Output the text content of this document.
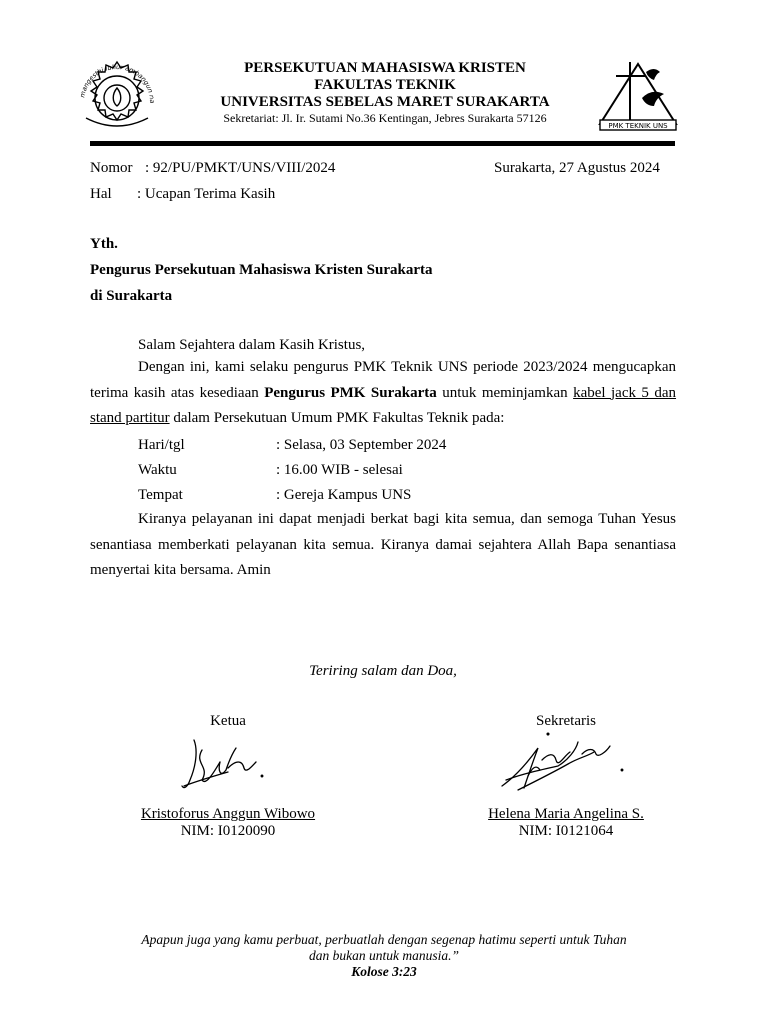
mangesthi luhur ambangun na
PERSEKUTUAN MAHASISWA KRISTEN
FAKULTAS TEKNIK
UNIVERSITAS SEBELAS MARET SURAKARTA
Sekretariat: Jl. Ir. Sutami No.36 Kentingan, Jebres Surakarta 57126
PMK TEKNIK UNS
Nomor : 92/PU/PMKT/UNS/VIII/2024	Surakarta, 27 Agustus 2024
Hal : Ucapan Terima Kasih
Yth.
Pengurus Persekutuan Mahasiswa Kristen Surakarta
di Surakarta
Salam Sejahtera dalam Kasih Kristus,
Dengan ini, kami selaku pengurus PMK Teknik UNS periode 2023/2024 mengucapkan terima kasih atas kesediaan Pengurus PMK Surakarta untuk meminjamkan kabel jack 5 dan stand partitur dalam Persekutuan Umum PMK Fakultas Teknik pada:
Hari/tgl	: Selasa, 03 September 2024
Waktu	: 16.00 WIB - selesai
Tempat	: Gereja Kampus UNS
Kiranya pelayanan ini dapat menjadi berkat bagi kita semua, dan semoga Tuhan Yesus senantiasa memberkati pelayanan kita semua. Kiranya damai sejahtera Allah Bapa senantiasa menyertai kita bersama. Amin
Teriring salam dan Doa,
Ketua
Kristoforus Anggun Wibowo
NIM: I0120090
Sekretaris
Helena Maria Angelina S.
NIM: I0121064
Apapun juga yang kamu perbuat, perbuatlah dengan segenap hatimu seperti untuk Tuhan
dan bukan untuk manusia.”
Kolose 3:23
